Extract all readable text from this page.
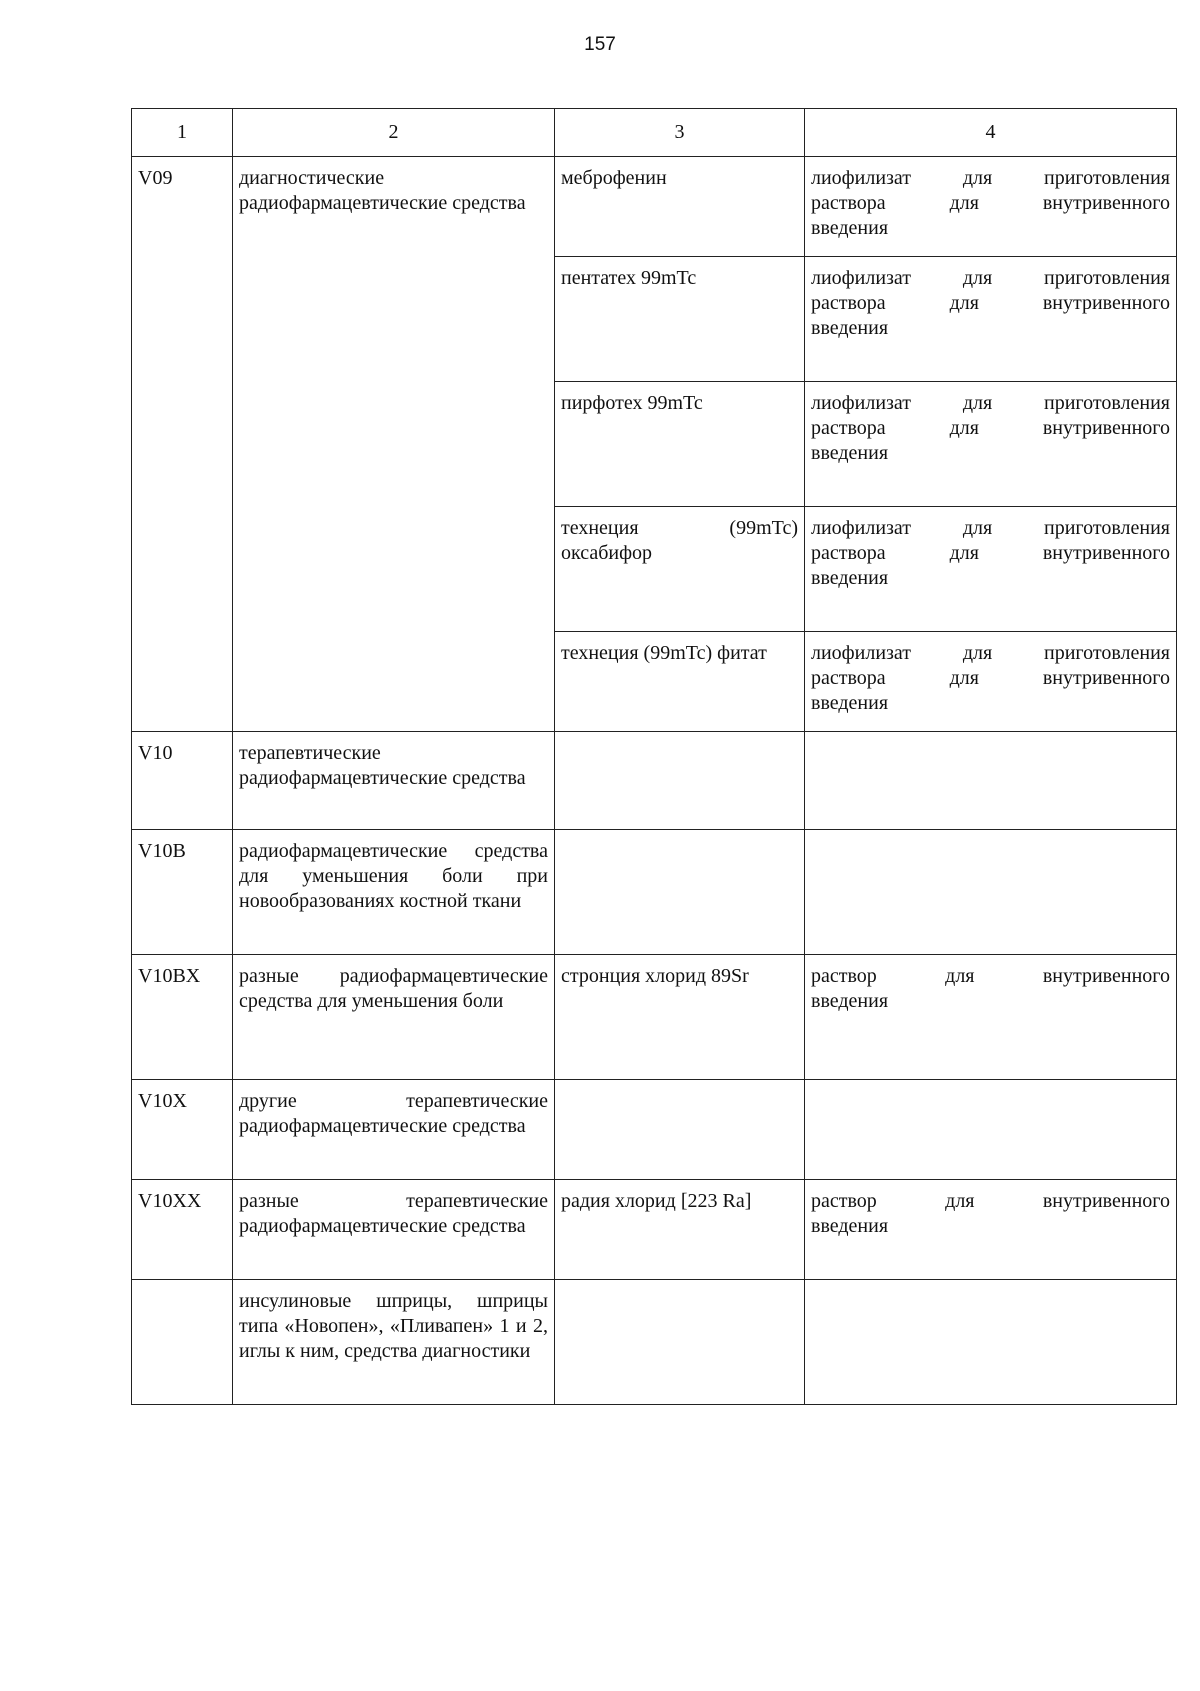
157
1	2	3	4
V09	диагностические радиофармацевтические средства	меброфенин	лиофилизат для приготовления
раствора для внутривенного
введения

		пентатех 99mTc	лиофилизат для приготовления
раствора для внутривенного
введения

		пирфотех 99mTc	лиофилизат для приготовления
раствора для внутривенного
введения

		технеция (99mTc) оксабифор	лиофилизат для приготовления
раствора для внутривенного
введения

		технеция (99mTc) фитат	лиофилизат для приготовления
раствора для внутривенного
введения

V10	терапевтические радиофармацевтические средства		

V10B	радиофармацевтические средства для уменьшения боли при новообразованиях костной ткани		

V10BX	разные радиофармацевтические средства для уменьшения боли	стронция хлорид 89Sr	раствор для внутривенного
введения

V10X	другие терапевтические радиофармацевтические средства		

V10XX	разные терапевтические радиофармацевтические средства	радия хлорид [223 Ra]	раствор для внутривенного
введения

	инсулиновые шприцы, шприцы типа «Новопен», «Пливапен» 1 и 2, иглы к ним, средства диагностики		
